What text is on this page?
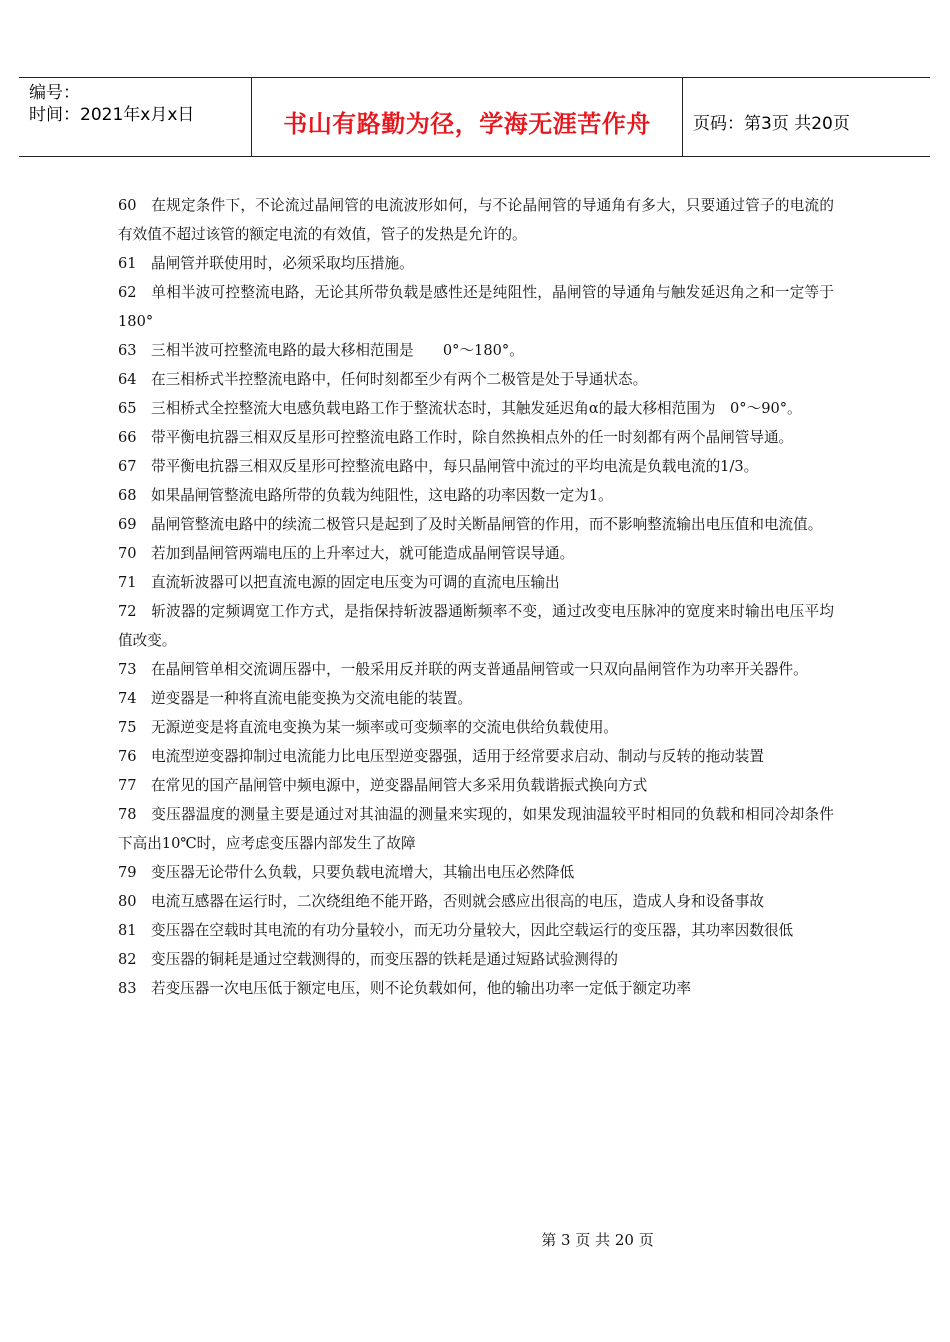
编号：
时间：2021年x月x日	书山有路勤为径，学海无涯苦作舟	页码：第3页 共20页

60 在规定条件下，不论流过晶闸管的电流波形如何，与不论晶闸管的导通角有多大，只要通过管子的电流的有效值不超过该管的额定电流的有效值，管子的发热是允许的。

61 晶闸管并联使用时，必须采取均压措施。

62 单相半波可控整流电路，无论其所带负载是感性还是纯阻性，晶闸管的导通角与触发延迟角之和一定等于180°

63 三相半波可控整流电路的最大移相范围是　　0°～180°。

64 在三相桥式半控整流电路中，任何时刻都至少有两个二极管是处于导通状态。

65 三相桥式全控整流大电感负载电路工作于整流状态时，其触发延迟角α的最大移相范围为　0°～90°。

66 带平衡电抗器三相双反星形可控整流电路工作时，除自然换相点外的任一时刻都有两个晶闸管导通。

67 带平衡电抗器三相双反星形可控整流电路中，每只晶闸管中流过的平均电流是负载电流的1/3。

68 如果晶闸管整流电路所带的负载为纯阻性，这电路的功率因数一定为1。

69 晶闸管整流电路中的续流二极管只是起到了及时关断晶闸管的作用，而不影响整流输出电压值和电流值。

70 若加到晶闸管两端电压的上升率过大，就可能造成晶闸管误导通。

71 直流斩波器可以把直流电源的固定电压变为可调的直流电压输出

72 斩波器的定频调宽工作方式，是指保持斩波器通断频率不变，通过改变电压脉冲的宽度来时输出电压平均值改变。

73 在晶闸管单相交流调压器中，一般采用反并联的两支普通晶闸管或一只双向晶闸管作为功率开关器件。

74 逆变器是一种将直流电能变换为交流电能的装置。

75 无源逆变是将直流电变换为某一频率或可变频率的交流电供给负载使用。

76 电流型逆变器抑制过电流能力比电压型逆变器强，适用于经常要求启动、制动与反转的拖动装置

77 在常见的国产晶闸管中频电源中，逆变器晶闸管大多采用负载谐振式换向方式

78 变压器温度的测量主要是通过对其油温的测量来实现的，如果发现油温较平时相同的负载和相同冷却条件下高出10℃时，应考虑变压器内部发生了故障

79 变压器无论带什么负载，只要负载电流增大，其输出电压必然降低

80 电流互感器在运行时，二次绕组绝不能开路，否则就会感应出很高的电压，造成人身和设备事故

81 变压器在空载时其电流的有功分量较小，而无功分量较大，因此空载运行的变压器，其功率因数很低

82 变压器的铜耗是通过空载测得的，而变压器的铁耗是通过短路试验测得的

83 若变压器一次电压低于额定电压，则不论负载如何，他的输出功率一定低于额定功率

第 3 页 共 20 页
